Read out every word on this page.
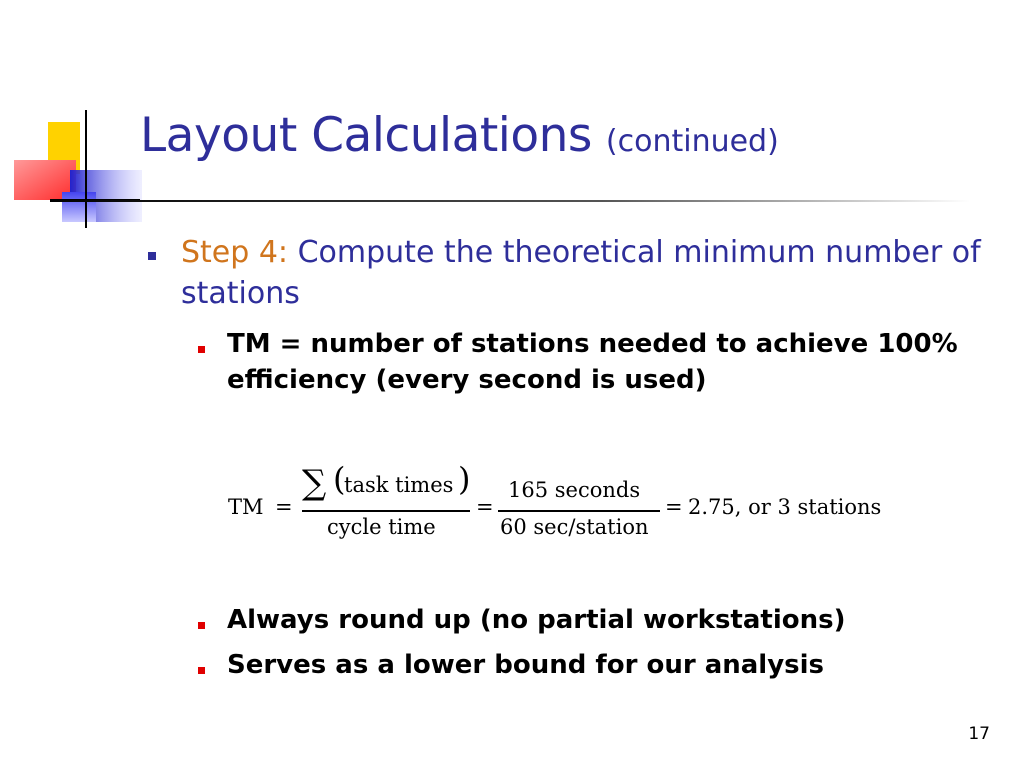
Layout Calculations (continued)
Step 4: Compute the theoretical minimum number of stations
TM = number of stations needed to achieve 100% efficiency (every second is used)
Always round up (no partial workstations)
Serves as a lower bound for our analysis
TM =
∑ (
task times )
cycle time
=
165 seconds
60 sec/station
= 2.75, or 3 stations
17
